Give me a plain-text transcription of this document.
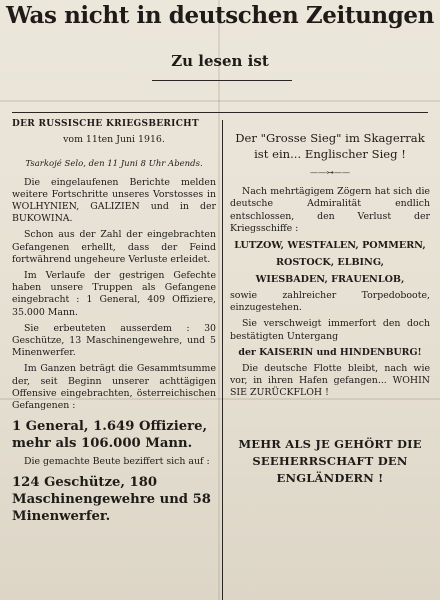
Was nicht in deutschen Zeitungen
Zu lesen ist

DER RUSSISCHE KRIEGSBERICHT

vom 11ten Juni 1916.

Tsarkojé Selo, den 11 Juni 8 Uhr Abends.

Die eingelaufenen Berichte melden weitere Fortschritte unseres Vorstosses in WOLHYNIEN, GALIZIEN und in der BUKOWINA.

Schon aus der Zahl der eingebrachten Gefangenen erhellt, dass der Feind fortwährend ungeheure Verluste erleidet.

Im Verlaufe der gestrigen Gefechte haben unsere Truppen als Gefangene eingebracht : 1 General, 409 Offiziere, 35.000 Mann.

Sie erbeuteten ausserdem : 30 Geschütze, 13 Maschinengewehre, und 5 Minenwerfer.

Im Ganzen beträgt die Gesammtsumme der, seit Beginn unserer achttägigen Offensive eingebrachten, österreichischen Gefangenen :

1 General, 1.649 Offiziere, mehr als 106.000 Mann.

Die gemachte Beute beziffert sich auf :

124 Geschütze, 180 Maschinengewehre und 58 Minenwerfer.

Der "Grosse Sieg" im Skagerrak ist ein... Englischer Sieg !

——⊶——

Nach mehrtägigem Zögern hat sich die deutsche Admiralität endlich entschlossen, den Verlust der Kriegsschiffe :

LUTZOW, WESTFALEN, POMMERN,

ROSTOCK, ELBING,

WIESBADEN, FRAUENLOB,

sowie zahlreicher Torpedoboote, einzugestehen.

Sie verschweigt immerfort den doch bestätigten Untergang

der KAISERIN und HINDENBURG!

Die deutsche Flotte bleibt, nach wie vor, in ihren Hafen gefangen... WOHIN SIE ZURÜCKFLOH !

MEHR ALS JE GEHÖRT DIE SEEHERRSCHAFT DEN ENGLÄNDERN !
